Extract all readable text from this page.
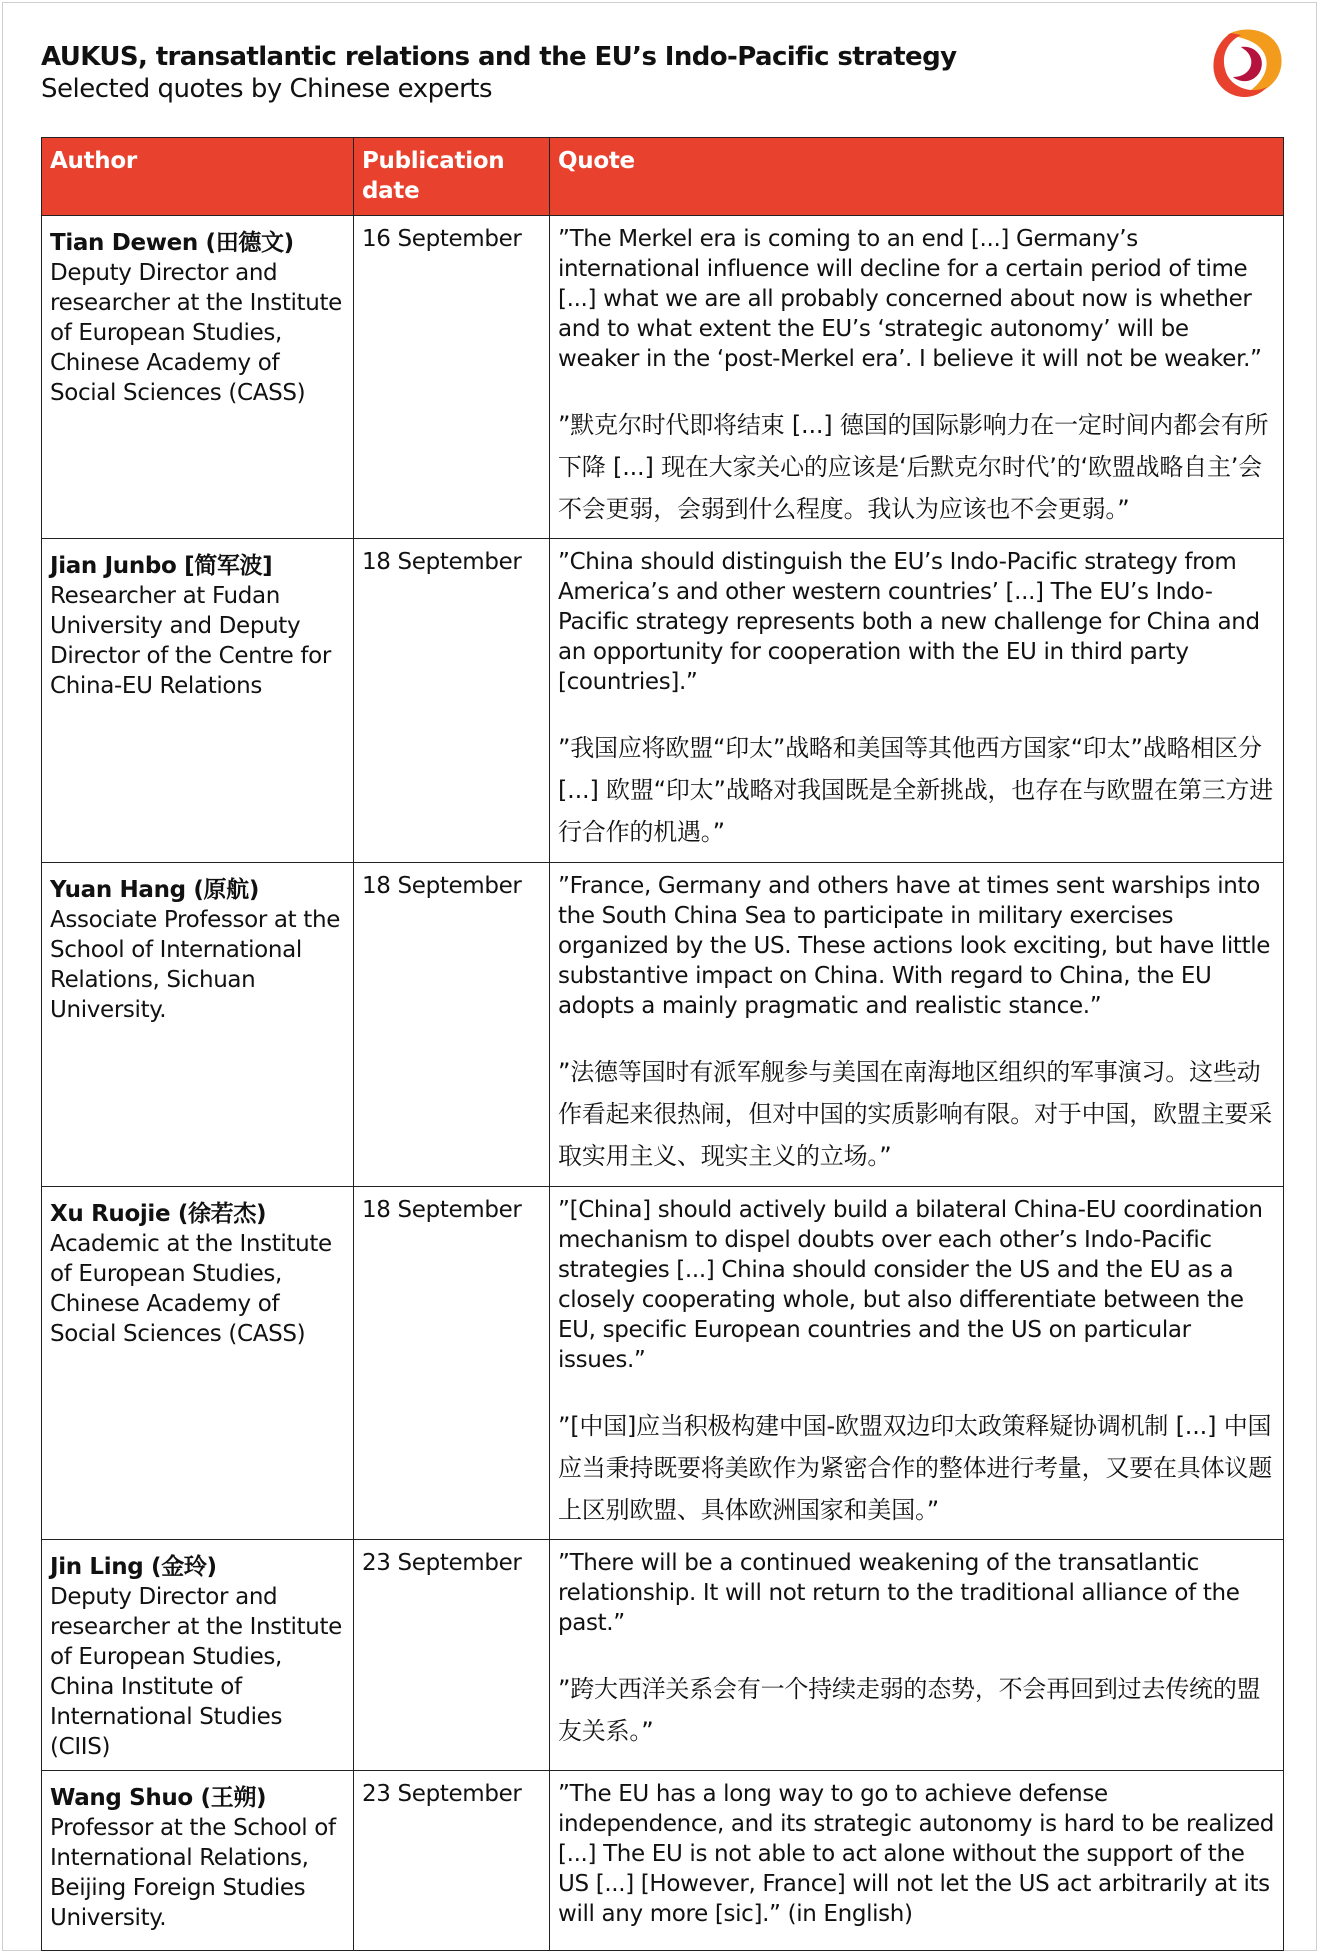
AUKUS, transatlantic relations and the EU’s Indo-Pacific strategy
Selected quotes by Chinese experts
Author	Publication date	Quote

Tian Dewen (田德文)
Deputy Director and researcher at the Institute of European Studies, Chinese Academy of Social Sciences (CASS)	16 September	”The Merkel era is coming to an end [...] Germany’s international influence will decline for a certain period of time [...] what we are all probably concerned about now is whether and to what extent the EU’s ‘strategic autonomy’ will be weaker in the ‘post-Merkel era’. I believe it will not be weaker.”
”默克尔时代即将结束 [...] 德国的国际影响力在一定时间内都会有所下降 [...] 现在大家关心的应该是‘后默克尔时代’的‘欧盟战略自主’会不会更弱，会弱到什么程度。我认为应该也不会更弱。”

Jian Junbo [简军波]
Researcher at Fudan University and Deputy Director of the Centre for China-EU Relations	18 September	”China should distinguish the EU’s Indo-Pacific strategy from America’s and other western countries’ [...] The EU’s Indo-Pacific strategy represents both a new challenge for China and an opportunity for cooperation with the EU in third party [countries].”
”我国应将欧盟“印太”战略和美国等其他西方国家“印太”战略相区分 [...] 欧盟“印太”战略对我国既是全新挑战，也存在与欧盟在第三方进行合作的机遇。”

Yuan Hang (原航)
Associate Professor at the School of International Relations, Sichuan University.	18 September	”France, Germany and others have at times sent warships into the South China Sea to participate in military exercises organized by the US. These actions look exciting, but have little substantive impact on China. With regard to China, the EU adopts a mainly pragmatic and realistic stance.”
”法德等国时有派军舰参与美国在南海地区组织的军事演习。这些动作看起来很热闹，但对中国的实质影响有限。对于中国，欧盟主要采取实用主义、现实主义的立场。”

Xu Ruojie (徐若杰)
Academic at the Institute of European Studies, Chinese Academy of Social Sciences (CASS)	18 September	”[China] should actively build a bilateral China-EU coordination mechanism to dispel doubts over each other’s Indo-Pacific strategies [...] China should consider the US and the EU as a closely cooperating whole, but also differentiate between the EU, specific European countries and the US on particular issues.”
”[中国]应当积极构建中国-欧盟双边印太政策释疑协调机制 [...] 中国应当秉持既要将美欧作为紧密合作的整体进行考量，又要在具体议题上区别欧盟、具体欧洲国家和美国。”

Jin Ling (金玲)
Deputy Director and researcher at the Institute of European Studies, China Institute of International Studies (CIIS)	23 September	”There will be a continued weakening of the transatlantic relationship. It will not return to the traditional alliance of the past.”
”跨大西洋关系会有一个持续走弱的态势，不会再回到过去传统的盟友关系。”

Wang Shuo (王朔)
Professor at the School of International Relations, Beijing Foreign Studies University.	23 September	”The EU has a long way to go to achieve defense independence, and its strategic autonomy is hard to be realized [...] The EU is not able to act alone without the support of the US [...] [However, France] will not let the US act arbitrarily at its will any more [sic].” (in English)
